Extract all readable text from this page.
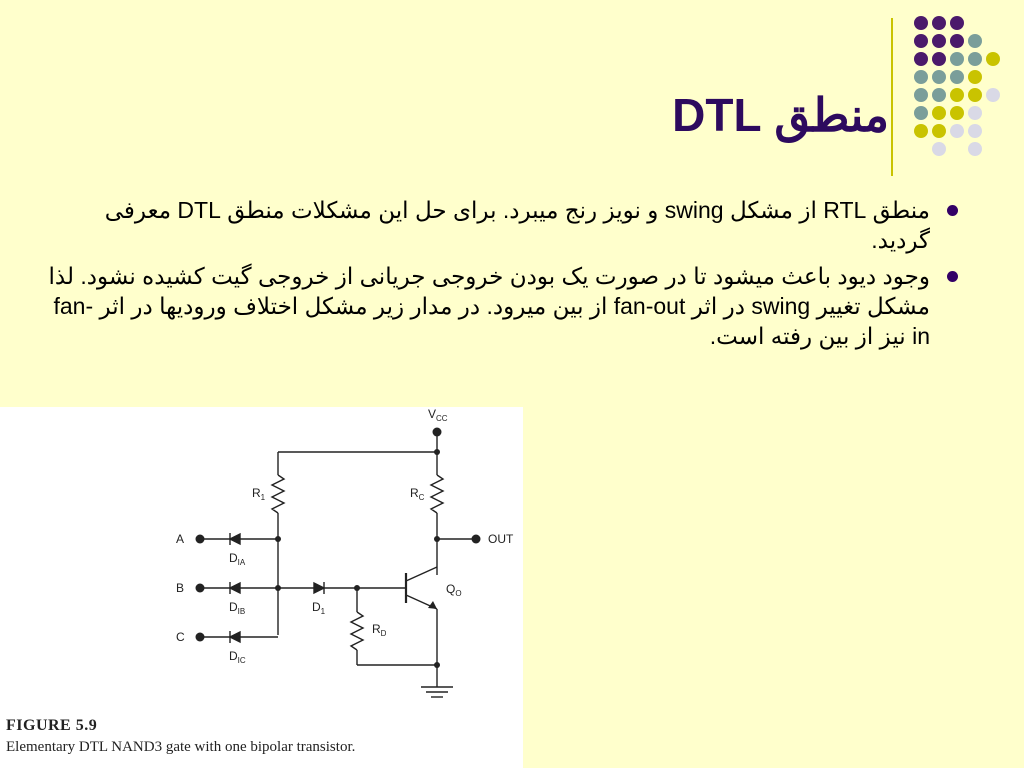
منطق DTL
منطق RTL از مشکل swing و نویز رنج میبرد. برای حل این مشکلات منطق DTL معرفی گردید.
وجود دیود باعث میشود تا در صورت یک بودن خروجی جریانی از خروجی گیت کشیده نشود. لذا مشکل تغییر swing در اثر fan-out از بین میرود. در مدار زیر مشکل اختلاف ورودیها در اثر fan-in نیز از بین رفته است.
$V_{CC}$
OUT
A
B
C
$R_1$	$R_C$
$R_D$
$D_1$
$D_{IA}$
$D_{IB}$
$D_{IC}$
$Q_O$
FIGURE 5.9
Elementary DTL NAND3 gate with one bipolar transistor.
